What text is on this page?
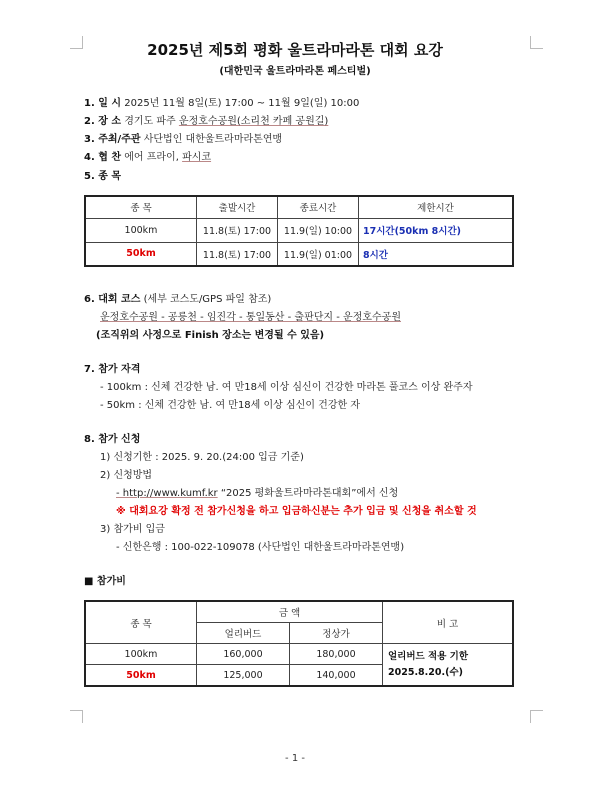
2025년 제5회 평화 울트라마라톤 대회 요강
(대한민국 울트라마라톤 페스티벌)
1. 일 시 2025년 11월 8일(토) 17:00 ~ 11월 9일(일) 10:00
2. 장 소 경기도 파주 운정호수공원(소리천 카페 공원길)
3. 주최/주관 사단법인 대한울트라마라톤연맹
4. 협 찬 에어 프라이, 파시코
5. 종 목
종 목	출발시간	종료시간	제한시간
100km	11.8(토) 17:00	11.9(일) 10:00	17시간(50km 8시간)
50km	11.8(토) 17:00	11.9(일) 01:00	8시간
6. 대회 코스 (세부 코스도/GPS 파일 참조)
운정호수공원 - 공릉천 - 임진각 - 통일동산 - 출판단지 - 운정호수공원
(조직위의 사정으로 Finish 장소는 변경될 수 있음)
7. 참가 자격
- 100km : 신체 건강한 남. 여 만18세 이상 심신이 건강한 마라톤 풀코스 이상 완주자
- 50km : 신체 건강한 남. 여 만18세 이상 심신이 건강한 자
8. 참가 신청
1) 신청기한 : 2025. 9. 20.(24:00 입금 기준)
2) 신청방법
- http://www.kumf.kr “2025 평화울트라마라톤대회”에서 신청
※ 대회요강 확정 전 참가신청을 하고 입금하신분는 추가 입금 및 신청을 취소할 것
3) 참가비 입금
- 신한은행 : 100-022-109078 (사단법인 대한울트라마라톤연맹)
■ 참가비
종 목	금 액		비 고
	얼리버드	정상가	
100km	160,000	180,000	얼리버드 적용 기한
2025.8.20.(수)

50km	125,000	140,000	
- 1 -
